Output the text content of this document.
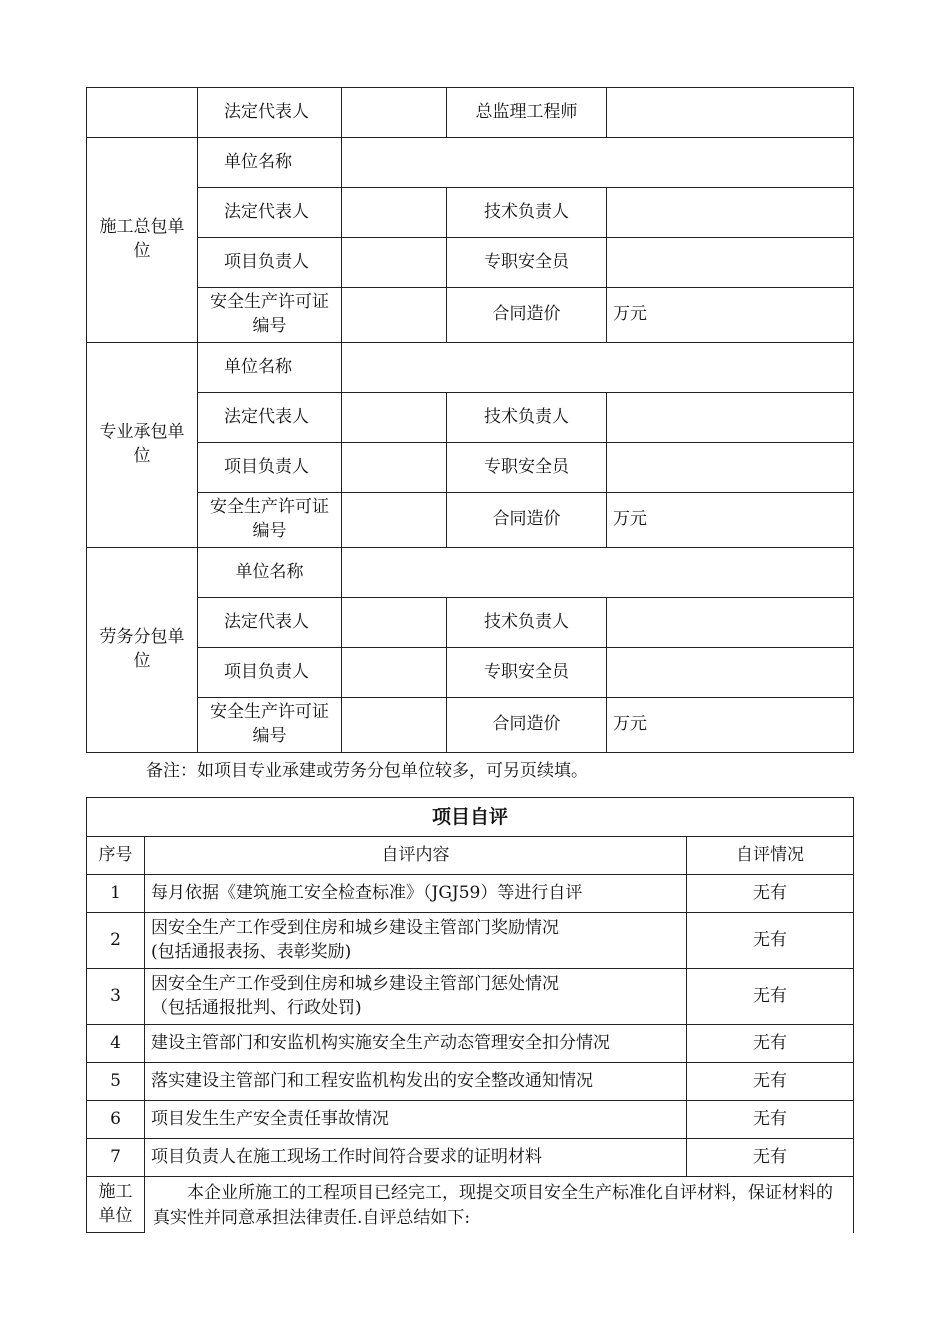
	法定代表人		总监理工程师	
施工总包单位	单位名称			
	法定代表人		技术负责人	
	项目负责人		专职安全员	
	安全生产许可证编号		合同造价	万元
专业承包单位	单位名称			
	法定代表人		技术负责人	
	项目负责人		专职安全员	
	安全生产许可证编号		合同造价	万元
劳务分包单位	单位名称			
	法定代表人		技术负责人	
	项目负责人		专职安全员	
	安全生产许可证编号		合同造价	万元
备注：如项目专业承建或劳务分包单位较多，可另页续填。
项目自评		
序号	自评内容	自评情况
1	每月依据《建筑施工安全检查标准》（JGJ59）等进行自评	无有
2	因安全生产工作受到住房和城乡建设主管部门奖励情况
(包括通报表扬、表彰奖励)	无有
3	因安全生产工作受到住房和城乡建设主管部门惩处情况
（包括通报批判、行政处罚)	无有
4	建设主管部门和安监机构实施安全生产动态管理安全扣分情况	无有
5	落实建设主管部门和工程安监机构发出的安全整改通知情况	无有
6	项目发生生产安全责任事故情况	无有
7	项目负责人在施工现场工作时间符合要求的证明材料	无有
施工单位	本企业所施工的工程项目已经完工，现提交项目安全生产标准化自评材料，保证材料的真实性并同意承担法律责任.自评总结如下:	
